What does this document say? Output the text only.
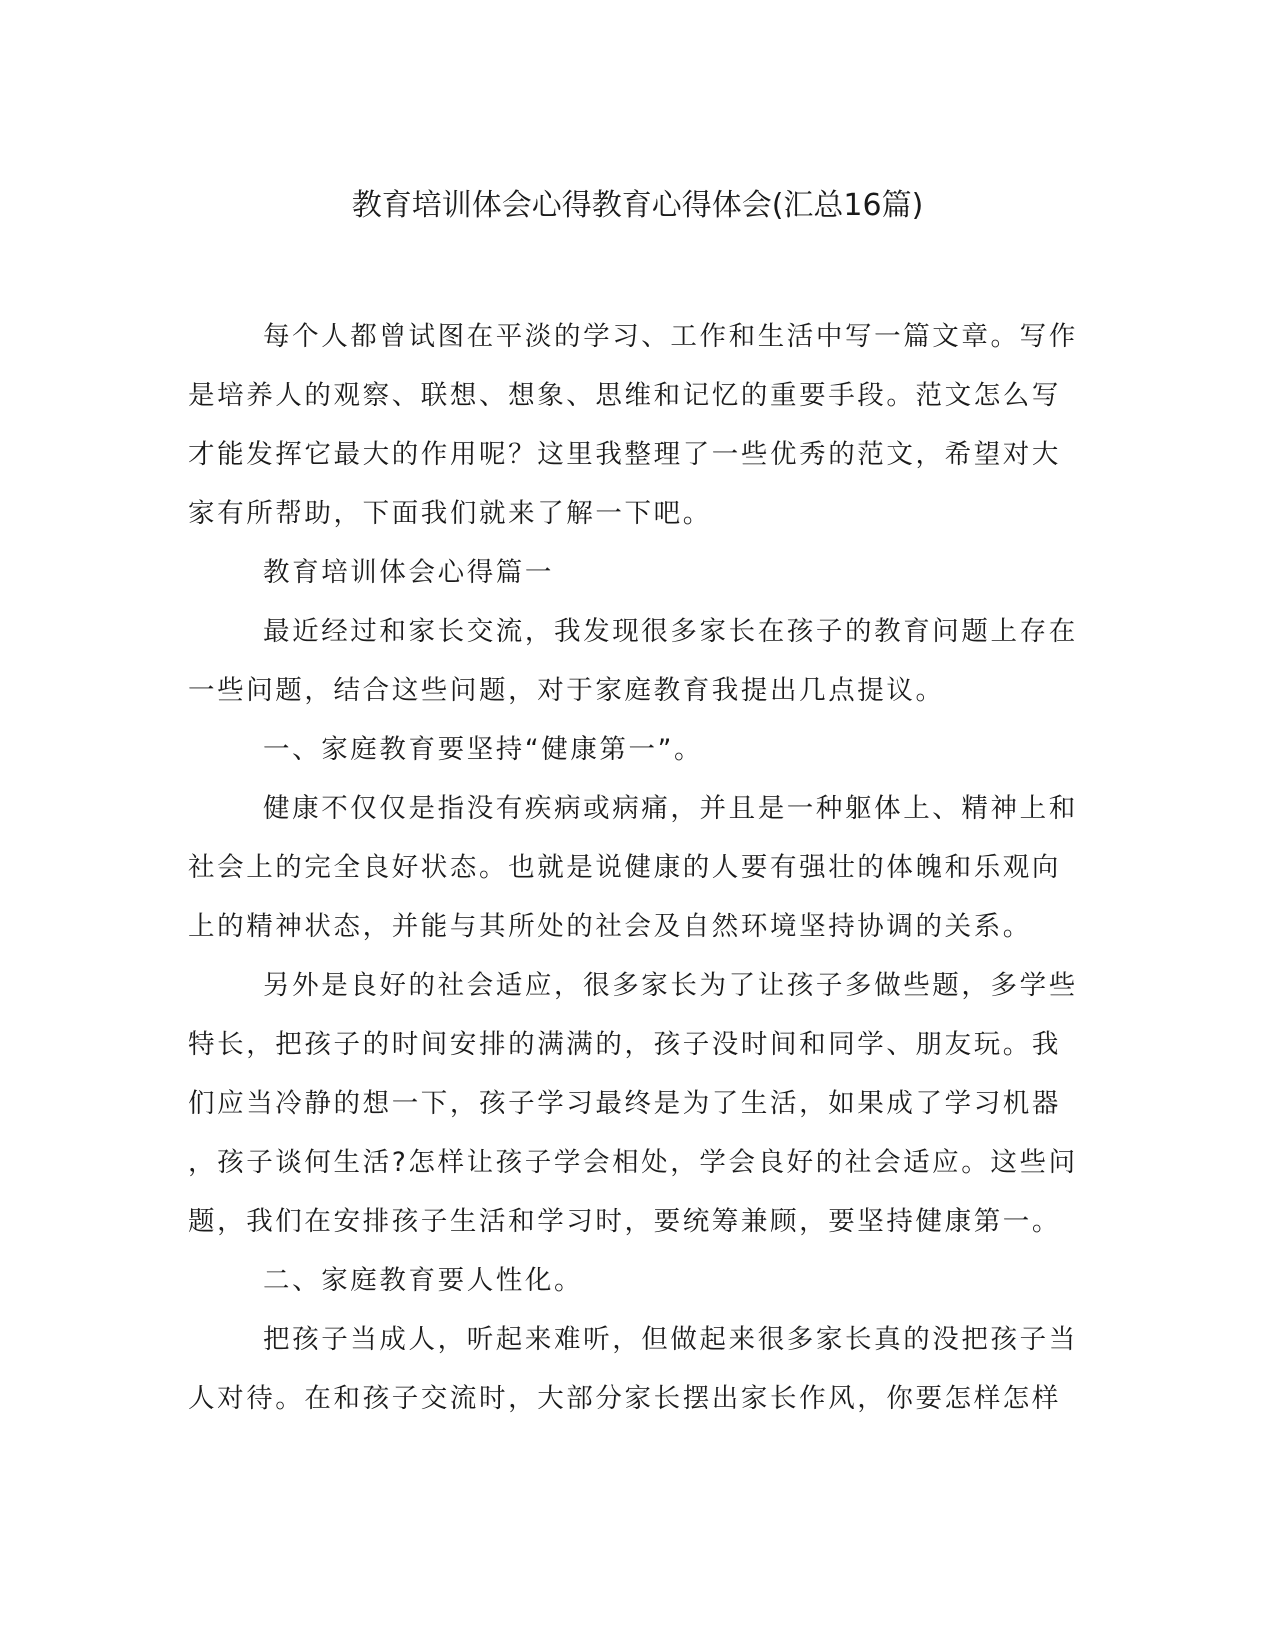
教育培训体会心得教育心得体会(汇总16篇)
每个人都曾试图在平淡的学习、工作和生活中写一篇文章。写作
是培养人的观察、联想、想象、思维和记忆的重要手段。范文怎么写
才能发挥它最大的作用呢？这里我整理了一些优秀的范文，希望对大
家有所帮助，下面我们就来了解一下吧。
教育培训体会心得篇一
最近经过和家长交流，我发现很多家长在孩子的教育问题上存在
一些问题，结合这些问题，对于家庭教育我提出几点提议。
一、家庭教育要坚持“健康第一”。
健康不仅仅是指没有疾病或病痛，并且是一种躯体上、精神上和
社会上的完全良好状态。也就是说健康的人要有强壮的体魄和乐观向
上的精神状态，并能与其所处的社会及自然环境坚持协调的关系。
另外是良好的社会适应，很多家长为了让孩子多做些题，多学些
特长，把孩子的时间安排的满满的，孩子没时间和同学、朋友玩。我
们应当冷静的想一下，孩子学习最终是为了生活，如果成了学习机器
，孩子谈何生活?怎样让孩子学会相处，学会良好的社会适应。这些问
题，我们在安排孩子生活和学习时，要统筹兼顾，要坚持健康第一。
二、家庭教育要人性化。
把孩子当成人，听起来难听，但做起来很多家长真的没把孩子当
人对待。在和孩子交流时，大部分家长摆出家长作风，你要怎样怎样
